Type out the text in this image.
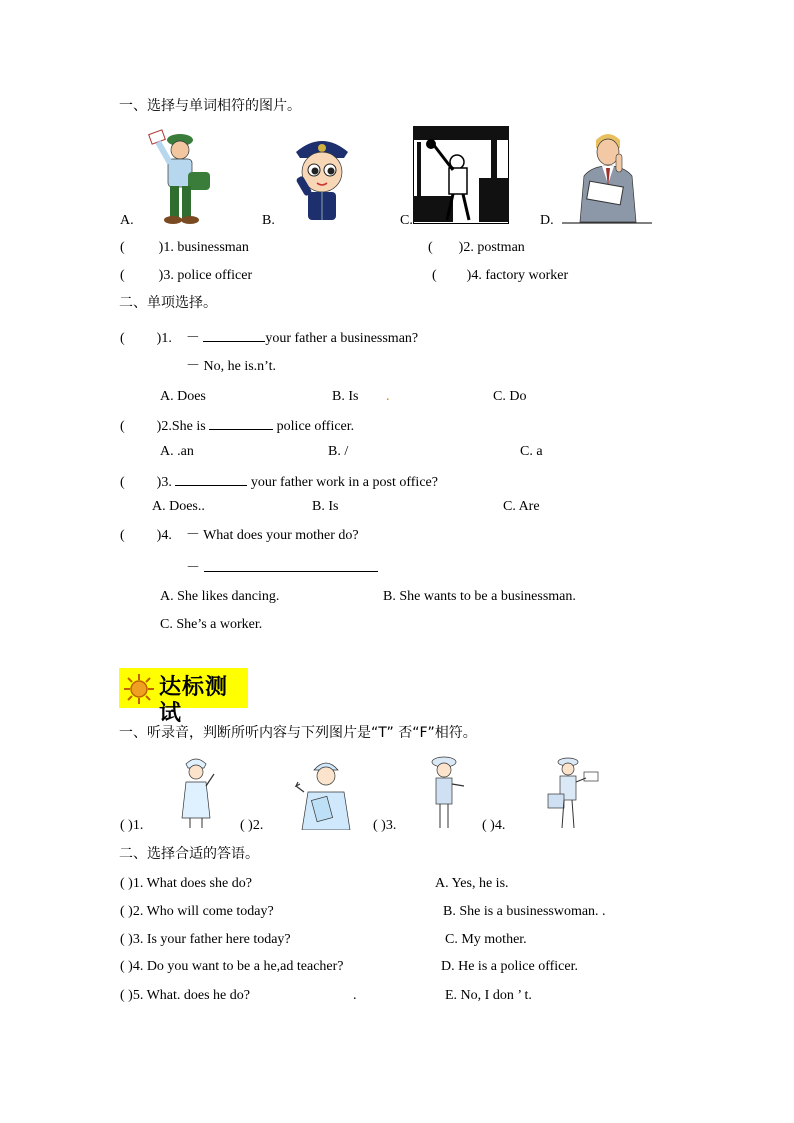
一、选择与单词相符的图片。
A.	B.	C.	D.
( )1. businessman	( )2. postman
( )3. police officer	( )4. factory worker
二、单项选择。
( )1. －	your father a businessman?
－ No, he is.n’t.
A. Does	B. Is .	C. Do
( )2.She is	police officer.
A. .an	B. /	C. a
( )3.	your father work in a post office?
A. Does..	B. Is	C. Are
( )4. － What does your mother do?
－
A. She likes dancing.	B. She wants to be a businessman.
C. She’s a worker.
达标测试
一、听录音，判断所听内容与下列图片是“T” 否“F”相符。
( )1.	( )2.	( )3.	( )4.
二、选择合适的答语。
( )1. What does she do?	A. Yes, he is.
( )2. Who will come today?	B. She is a businesswoman. .
( )3. Is your father here today?	C. My mother.
( )4. Do you want to be a he,ad teacher?	D. He is a police officer.
( )5. What. does he do?	.	E. No, I don ’ t.
